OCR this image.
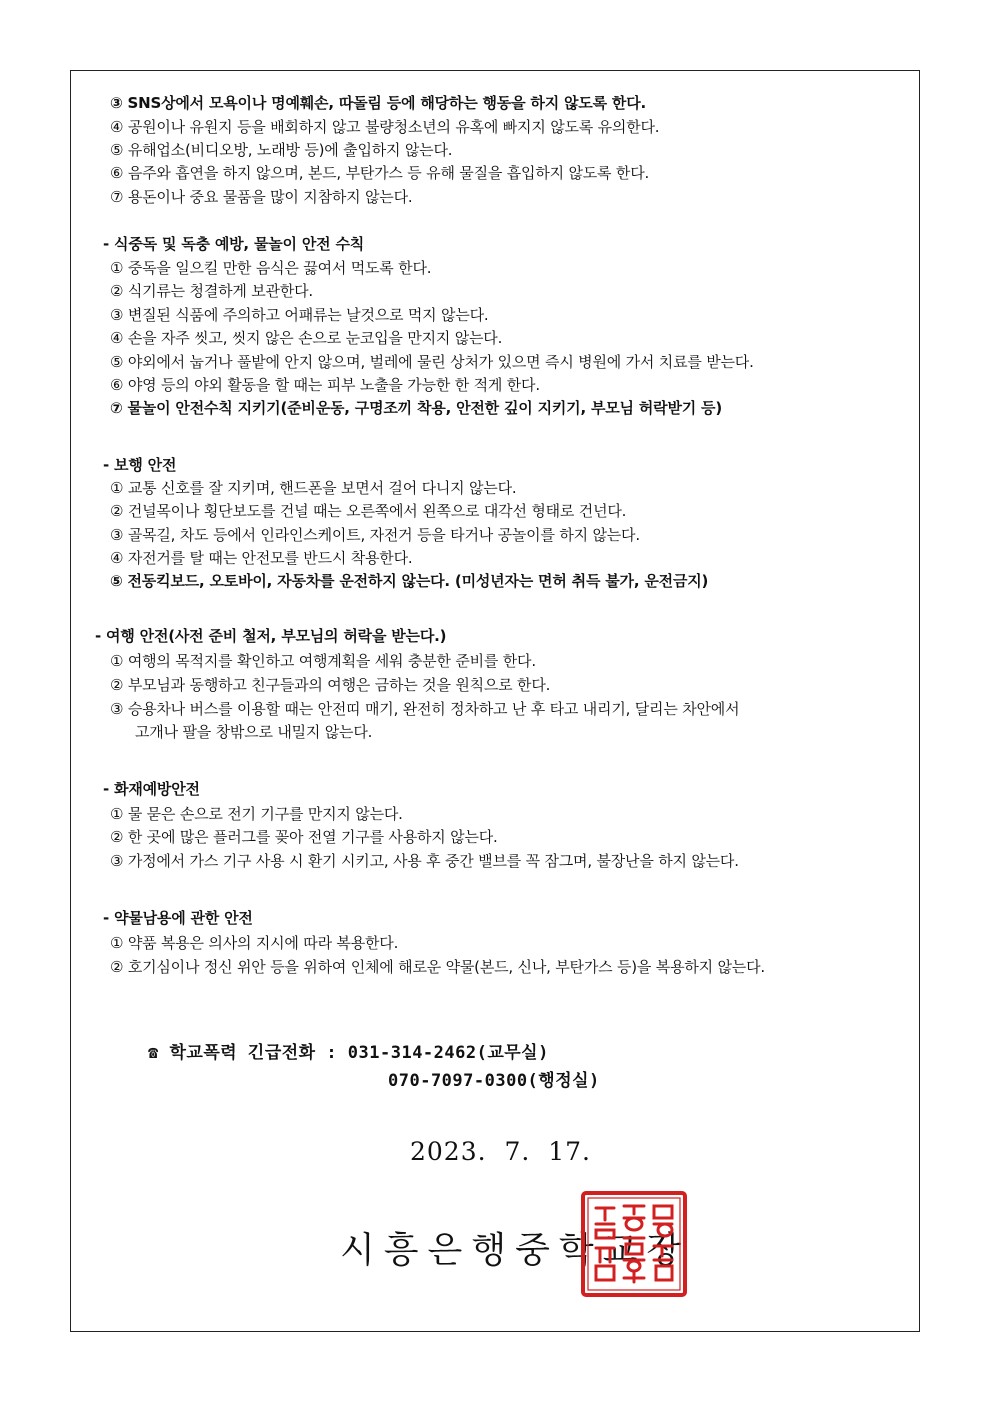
③ SNS상에서 모욕이나 명예훼손, 따돌림 등에 해당하는 행동을 하지 않도록 한다.
④ 공원이나 유원지 등을 배회하지 않고 불량청소년의 유혹에 빠지지 않도록 유의한다.
⑤ 유해업소(비디오방, 노래방 등)에 출입하지 않는다.
⑥ 음주와 흡연을 하지 않으며, 본드, 부탄가스 등 유해 물질을 흡입하지 않도록 한다.
⑦ 용돈이나 중요 물품을 많이 지참하지 않는다.
- 식중독 및 독충 예방, 물놀이 안전 수칙
① 중독을 일으킬 만한 음식은 끓여서 먹도록 한다.
② 식기류는 청결하게 보관한다.
③ 변질된 식품에 주의하고 어패류는 날것으로 먹지 않는다.
④ 손을 자주 씻고, 씻지 않은 손으로 눈코입을 만지지 않는다.
⑤ 야외에서 눕거나 풀밭에 안지 않으며, 벌레에 물린 상처가 있으면 즉시 병원에 가서 치료를 받는다.
⑥ 야영 등의 야외 활동을 할 때는 피부 노출을 가능한 한 적게 한다.
⑦ 물놀이 안전수칙 지키기(준비운동, 구명조끼 착용, 안전한 깊이 지키기, 부모님 허락받기 등)
- 보행 안전
① 교통 신호를 잘 지키며, 핸드폰을 보면서 걸어 다니지 않는다.
② 건널목이나 횡단보도를 건널 때는 오른쪽에서 왼쪽으로 대각선 형태로 건넌다.
③ 골목길, 차도 등에서 인라인스케이트, 자전거 등을 타거나 공놀이를 하지 않는다.
④ 자전거를 탈 때는 안전모를 반드시 착용한다.
⑤ 전동킥보드, 오토바이, 자동차를 운전하지 않는다. (미성년자는 면허 취득 불가, 운전금지)
- 여행 안전(사전 준비 철저, 부모님의 허락을 받는다.)
① 여행의 목적지를 확인하고 여행계획을 세워 충분한 준비를 한다.
② 부모님과 동행하고 친구들과의 여행은 금하는 것을 원칙으로 한다.
③ 승용차나 버스를 이용할 때는 안전띠 매기, 완전히 정차하고 난 후 타고 내리기, 달리는 차안에서
고개나 팔을 창밖으로 내밀지 않는다.
- 화재예방안전
① 물 묻은 손으로 전기 기구를 만지지 않는다.
② 한 곳에 많은 플러그를 꽂아 전열 기구를 사용하지 않는다.
③ 가정에서 가스 기구 사용 시 환기 시키고, 사용 후 중간 밸브를 꼭 잠그며, 불장난을 하지 않는다.
- 약물남용에 관한 안전
① 약품 복용은 의사의 지시에 따라 복용한다.
② 호기심이나 정신 위안 등을 위하여 인체에 해로운 약물(본드, 신나, 부탄가스 등)을 복용하지 않는다.
☎ 학교폭력 긴급전화 : 031-314-2462(교무실)
070-7097-0300(행정실)
2023.  7.  17.
시흥은행중학교장
